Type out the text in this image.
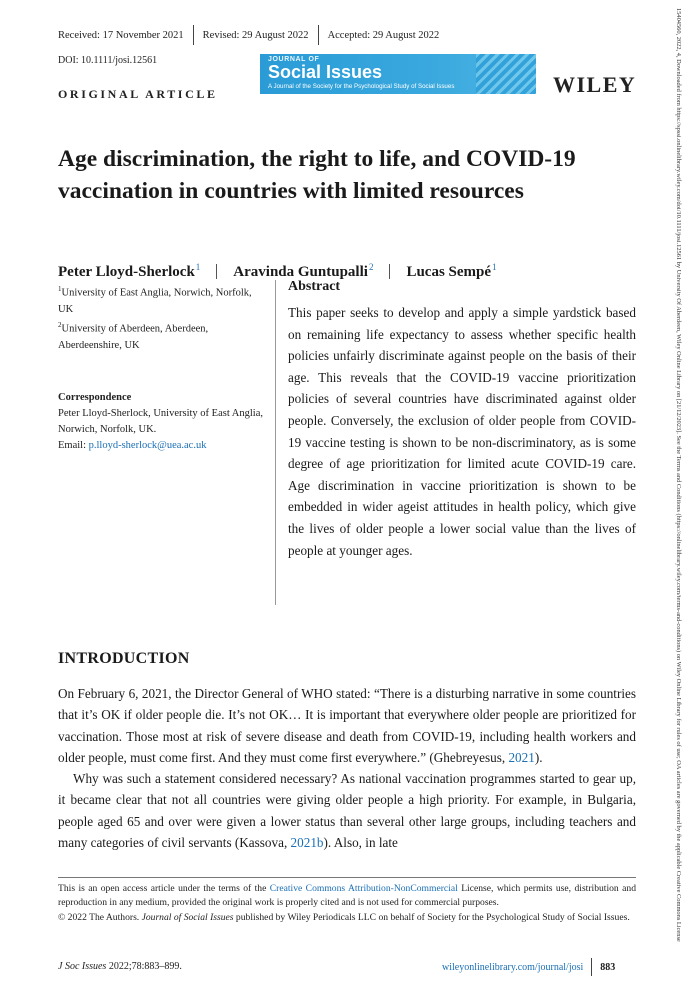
Received: 17 November 2021 Revised: 29 August 2022 Accepted: 29 August 2022
DOI: 10.1111/josi.12561
ORIGINAL ARTICLE
JOURNAL OF
Social Issues
A Journal of the Society for the Psychological Study of Social Issues	WILEY
Age discrimination, the right to life, and COVID-19 vaccination in countries with limited resources
Peter Lloyd-Sherlock$^1$ Aravinda Guntupalli$^2$ Lucas Sempé$^1$
$^1$University of East Anglia, Norwich, Norfolk, UK
$^2$University of Aberdeen, Aberdeen, Aberdeenshire, UK
Correspondence
Peter Lloyd-Sherlock, University of East Anglia, Norwich, Norfolk, UK.
Email: p.lloyd-sherlock@uea.ac.uk
Abstract

This paper seeks to develop and apply a simple yardstick based on remaining life expectancy to assess whether specific health policies unfairly discriminate against people on the basis of their age. This reveals that the COVID-19 vaccine prioritization policies of several countries have discriminated against older people. Conversely, the exclusion of older people from COVID-19 vaccine testing is shown to be non-discriminatory, as is some degree of age prioritization for limited acute COVID-19 care. Age discrimination in vaccine prioritization is shown to be embedded in wider ageist attitudes in health policy, which give the lives of older people a lower social value than the lives of people at younger ages.

INTRODUCTION

On February 6, 2021, the Director General of WHO stated: “There is a disturbing narrative in some countries that it’s OK if older people die. It’s not OK… It is important that everywhere older people are prioritized for vaccination. Those most at risk of severe disease and death from COVID-19, including health workers and older people, must come first. And they must come first everywhere.” (Ghebreyesus, 2021).

Why was such a statement considered necessary? As national vaccination programmes started to gear up, it became clear that not all countries were giving older people a high priority. For example, in Bulgaria, people aged 65 and over were given a lower status than several other large groups, including teachers and many categories of civil servants (Kassova, 2021b). Also, in late

This is an open access article under the terms of the Creative Commons Attribution-NonCommercial License, which permits use, distribution and reproduction in any medium, provided the original work is properly cited and is not used for commercial purposes.
© 2022 The Authors. Journal of Social Issues published by Wiley Periodicals LLC on behalf of Society for the Psychological Study of Social Issues.
J Soc Issues 2022;78:883–899.	wileyonlinelibrary.com/journal/josi 883
15404560, 2022, 4, Downloaded from https://spssi.onlinelibrary.wiley.com/doi/10.1111/josi.12561 by University Of Aberdeen, Wiley Online Library on [21/12/2023]. See the Terms and Conditions (https://onlinelibrary.wiley.com/terms-and-conditions) on Wiley Online Library for rules of use; OA articles are governed by the applicable Creative Commons License
